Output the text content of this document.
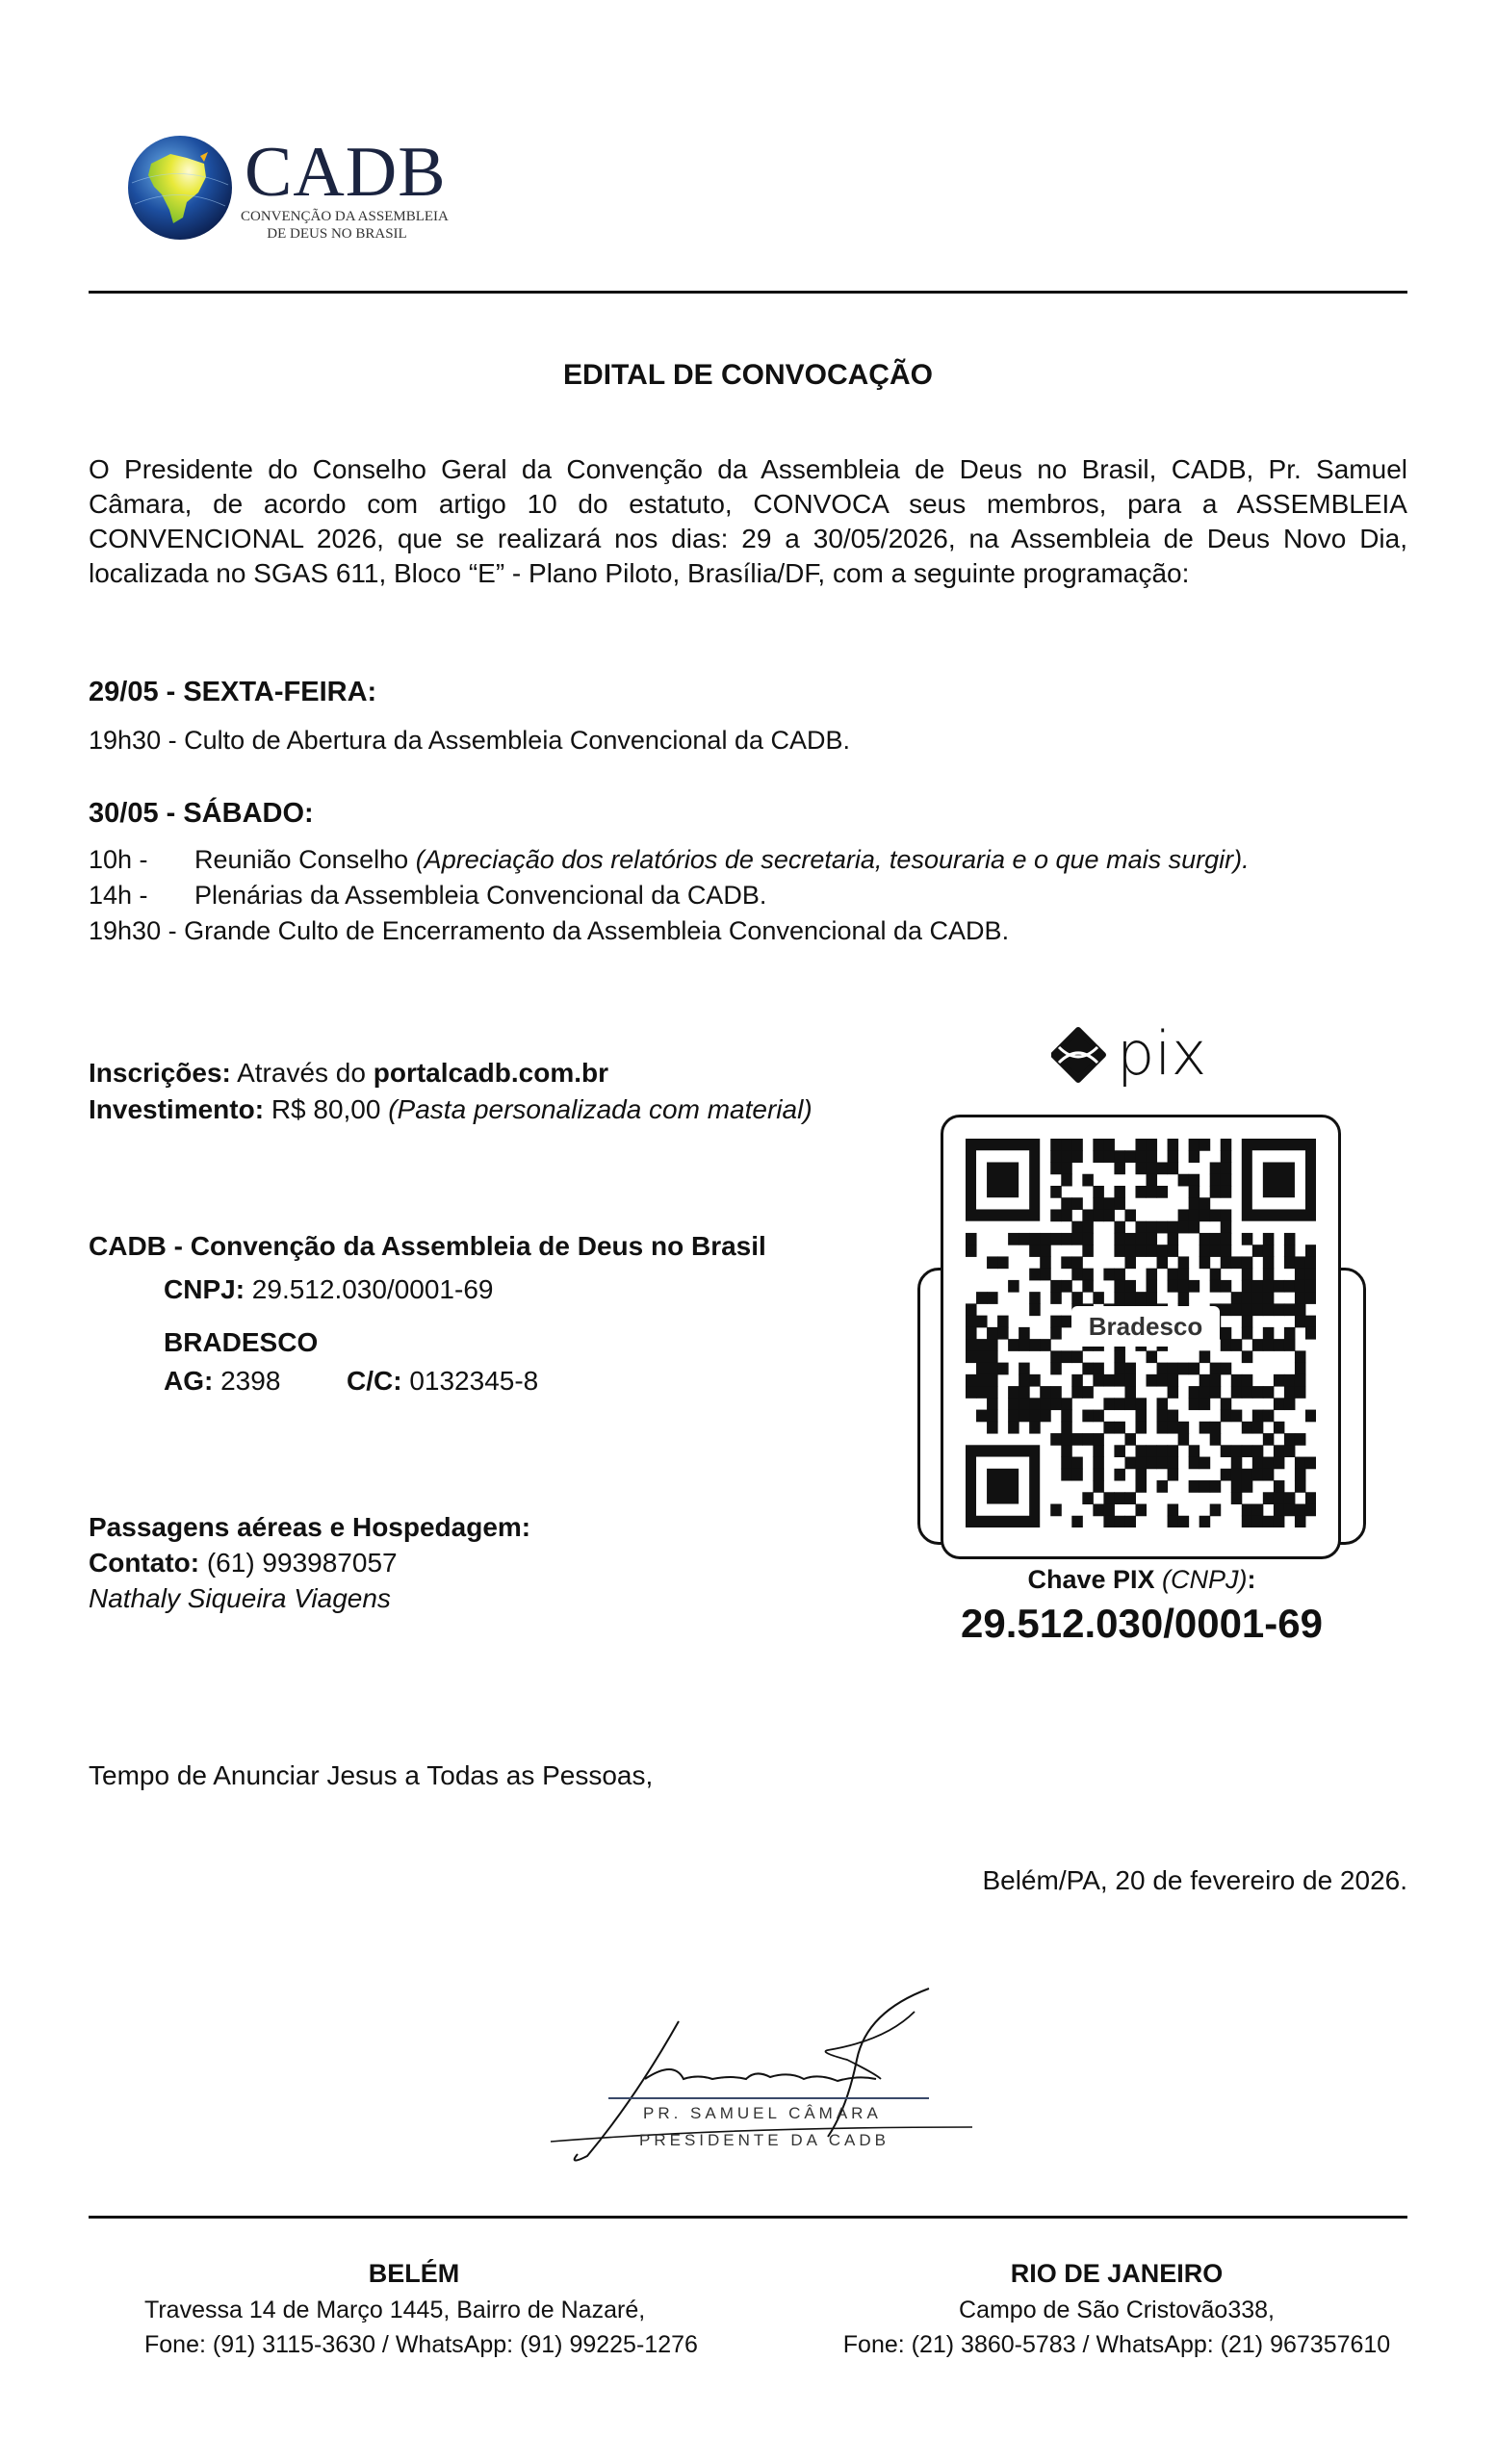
CADB
CONVENÇÃO DA ASSEMBLEIA
DE DEUS NO BRASIL
EDITAL DE CONVOCAÇÃO
O Presidente do Conselho Geral da Convenção da Assembleia de Deus no Brasil, CADB, Pr. Samuel Câmara, de acordo com artigo 10 do estatuto, CONVOCA seus membros, para a ASSEMBLEIA CONVENCIONAL 2026, que se realizará nos dias: 29 a 30/05/2026, na Assembleia de Deus Novo Dia, localizada no SGAS 611, Bloco “E” - Plano Piloto, Brasília/DF, com a seguinte programação:
29/05 - SEXTA-FEIRA:
19h30 - Culto de Abertura da Assembleia Convencional da CADB.
30/05 - SÁBADO:
10h - Reunião Conselho (Apreciação dos relatórios de secretaria, tesouraria e o que mais surgir).
14h - Plenárias da Assembleia Convencional da CADB.
19h30 - Grande Culto de Encerramento da Assembleia Convencional da CADB.
Inscrições: Através do portalcadb.com.br
Investimento: R$ 80,00 (Pasta personalizada com material)
CADB - Convenção da Assembleia de Deus no Brasil
CNPJ: 29.512.030/0001-69
BRADESCO
AG: 2398 C/C: 0132345-8
Passagens aéreas e Hospedagem:
Contato: (61) 993987057
Nathaly Siqueira Viagens
pix
Bradesco
Chave PIX (CNPJ):
29.512.030/0001-69
Tempo de Anunciar Jesus a Todas as Pessoas,
Belém/PA, 20 de fevereiro de 2026.
PR. SAMUEL CÂMARA
PRESIDENTE DA CADB
BELÉM
Travessa 14 de Março 1445, Bairro de Nazaré,
Fone: (91) 3115-3630 / WhatsApp: (91) 99225-1276
RIO DE JANEIRO
Campo de São Cristovão338,
Fone: (21) 3860-5783 / WhatsApp: (21) 967357610
